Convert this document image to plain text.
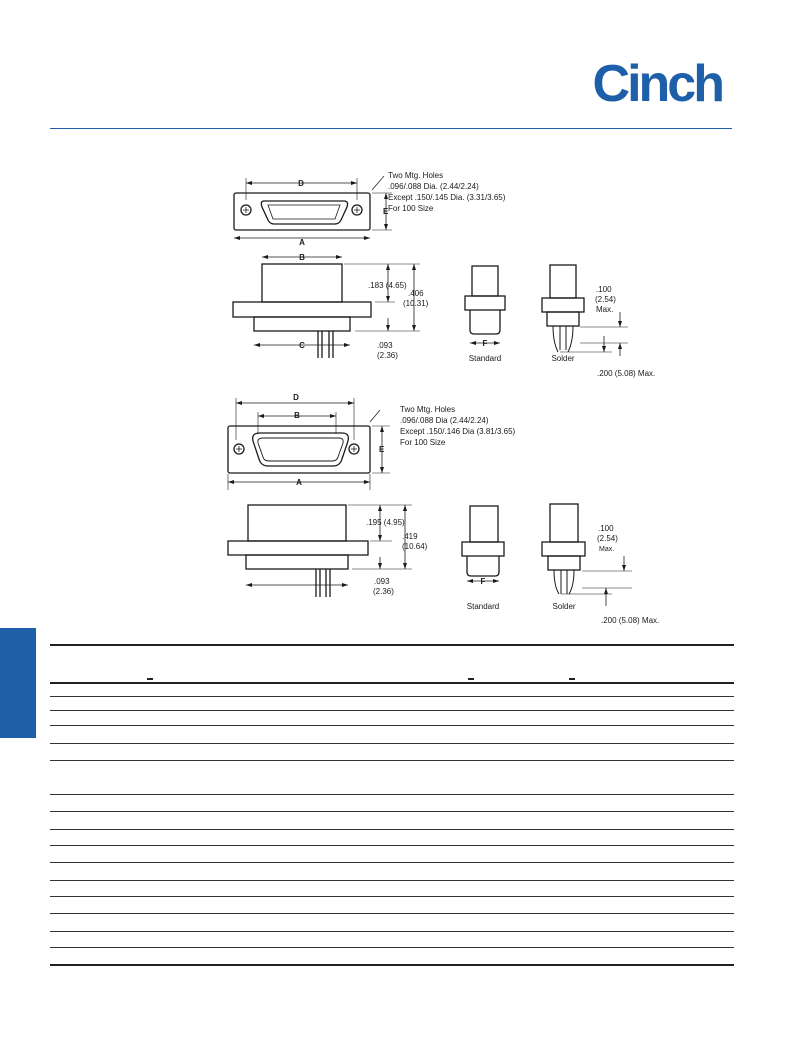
Cinch
D
E
A
Two Mtg. Holes
.096/.088 Dia. (2.44/2.24)
Except .150/.145 Dia. (3.31/3.65)
For 100 Size
B
C
.183 (4.65)
.406
(10.31)
.093
(2.36)
F
Standard	Solder
.100
(2.54)
Max.
.200 (5.08) Max.
D
B
E
A
Two Mtg. Holes
.096/.088 Dia (2.44/2.24)
Except .150/.146 Dia (3.81/3.65)
For 100 Size
.195 (4.95)
.419
(10.64)
.093
(2.36)
F
Standard	Solder
.100
(2.54)
Max.
.200 (5.08) Max.
